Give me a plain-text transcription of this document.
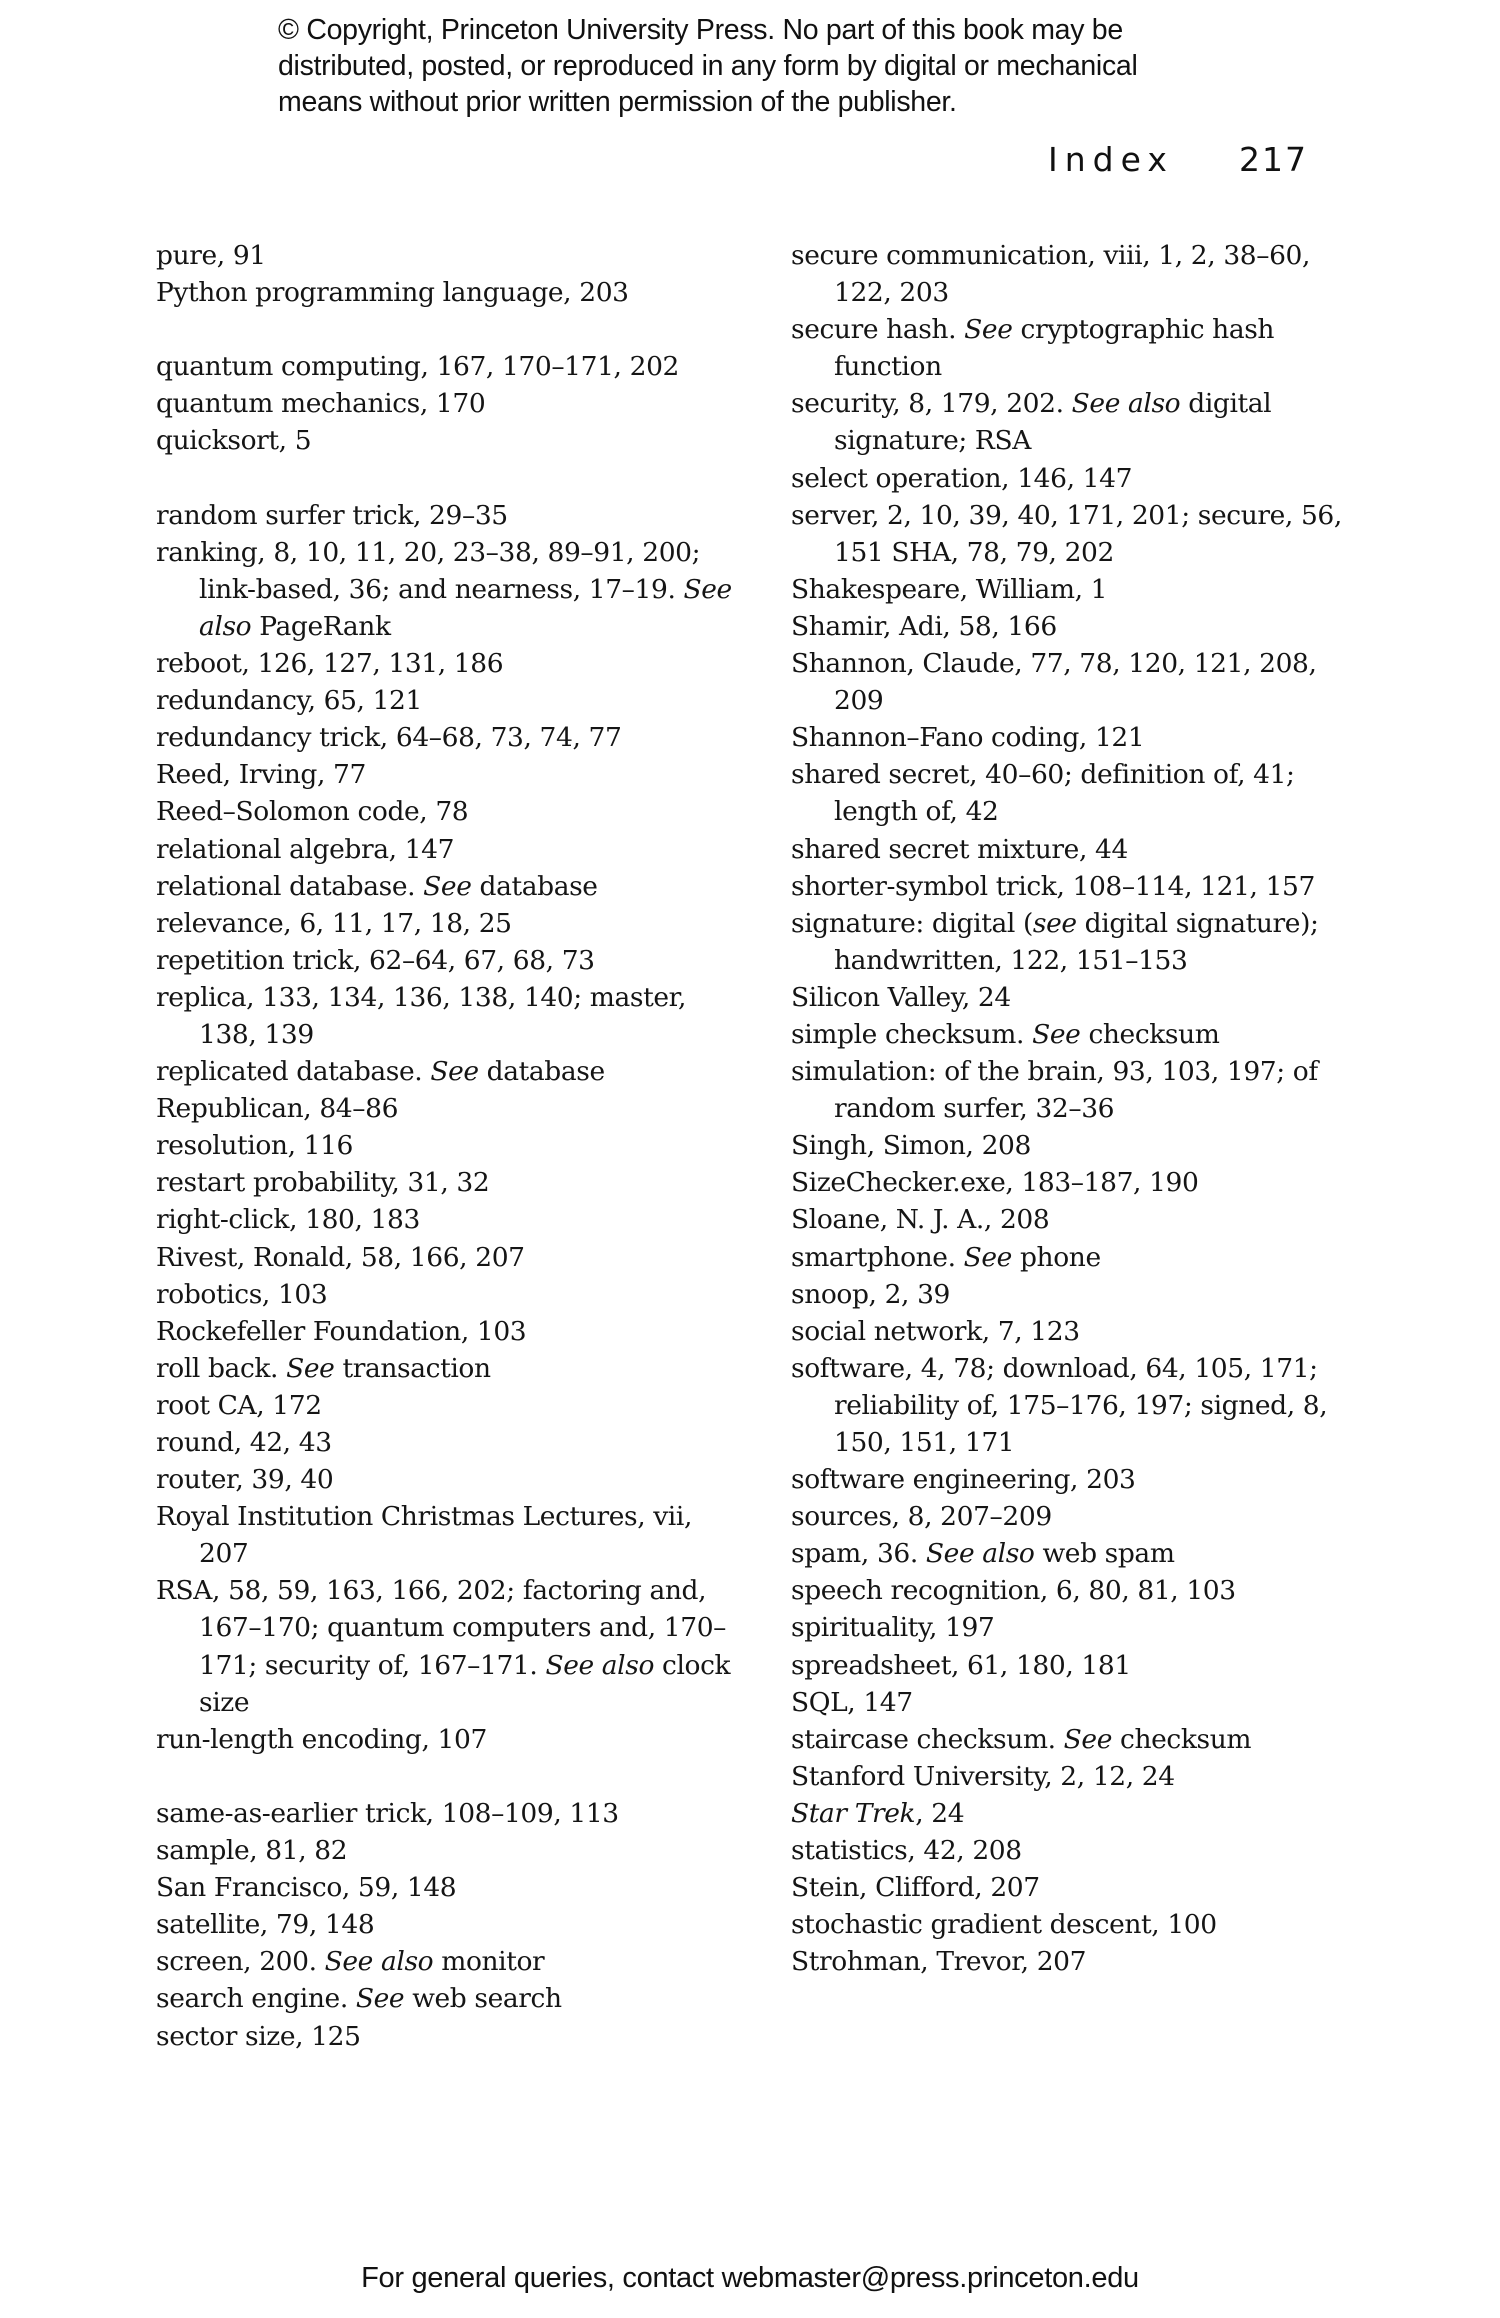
© Copyright, Princeton University Press. No part of this book may be
distributed, posted, or reproduced in any form by digital or mechanical
means without prior written permission of the publisher.
Index 217
pure, 91
Python programming language, 203
quantum computing, 167, 170–171, 202
quantum mechanics, 170
quicksort, 5
random surfer trick, 29–35
ranking, 8, 10, 11, 20, 23–38, 89–91, 200; link-based, 36; and nearness, 17–19. See also PageRank
reboot, 126, 127, 131, 186
redundancy, 65, 121
redundancy trick, 64–68, 73, 74, 77
Reed, Irving, 77
Reed–Solomon code, 78
relational algebra, 147
relational database. See database
relevance, 6, 11, 17, 18, 25
repetition trick, 62–64, 67, 68, 73
replica, 133, 134, 136, 138, 140; master, 138, 139
replicated database. See database
Republican, 84–86
resolution, 116
restart probability, 31, 32
right-click, 180, 183
Rivest, Ronald, 58, 166, 207
robotics, 103
Rockefeller Foundation, 103
roll back. See transaction
root CA, 172
round, 42, 43
router, 39, 40
Royal Institution Christmas Lectures, vii, 207
RSA, 58, 59, 163, 166, 202; factoring and, 167–170; quantum computers and, 170–171; security of, 167–171. See also clock size
run-length encoding, 107
same-as-earlier trick, 108–109, 113
sample, 81, 82
San Francisco, 59, 148
satellite, 79, 148
screen, 200. See also monitor
search engine. See web search
sector size, 125
secure communication, viii, 1, 2, 38–60, 122, 203
secure hash. See cryptographic hash function
security, 8, 179, 202. See also digital signature; RSA
select operation, 146, 147
server, 2, 10, 39, 40, 171, 201; secure, 56, 151 SHA, 78, 79, 202
Shakespeare, William, 1
Shamir, Adi, 58, 166
Shannon, Claude, 77, 78, 120, 121, 208, 209
Shannon–Fano coding, 121
shared secret, 40–60; definition of, 41; length of, 42
shared secret mixture, 44
shorter-symbol trick, 108–114, 121, 157
signature: digital (see digital signature); handwritten, 122, 151–153
Silicon Valley, 24
simple checksum. See checksum
simulation: of the brain, 93, 103, 197; of random surfer, 32–36
Singh, Simon, 208
SizeChecker.exe, 183–187, 190
Sloane, N. J. A., 208
smartphone. See phone
snoop, 2, 39
social network, 7, 123
software, 4, 78; download, 64, 105, 171; reliability of, 175–176, 197; signed, 8, 150, 151, 171
software engineering, 203
sources, 8, 207–209
spam, 36. See also web spam
speech recognition, 6, 80, 81, 103
spirituality, 197
spreadsheet, 61, 180, 181
SQL, 147
staircase checksum. See checksum
Stanford University, 2, 12, 24
Star Trek, 24
statistics, 42, 208
Stein, Clifford, 207
stochastic gradient descent, 100
Strohman, Trevor, 207
For general queries, contact webmaster@press.princeton.edu
